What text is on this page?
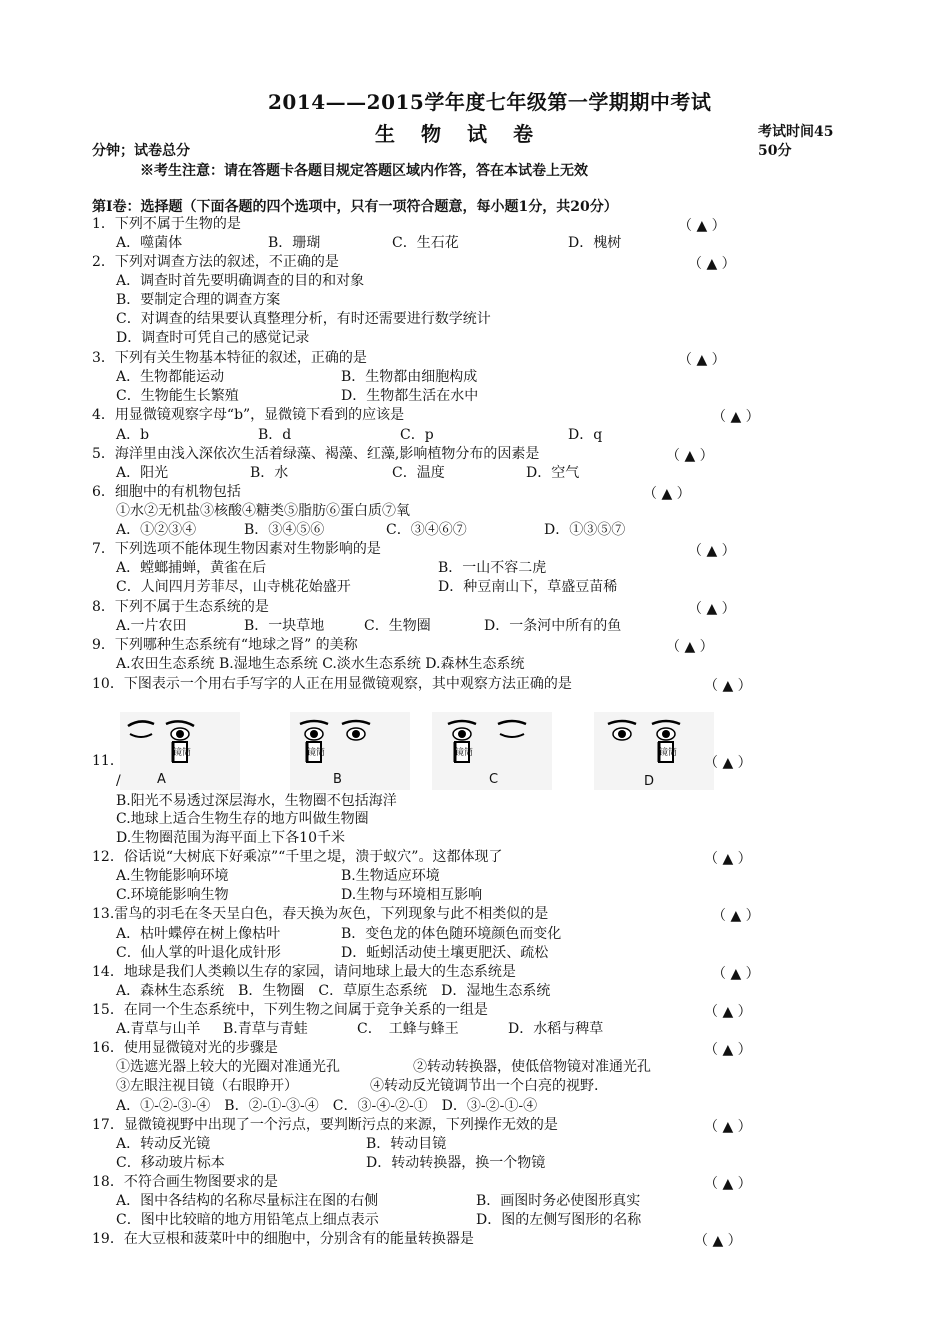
2014——2015学年度七年级第一学期期中考试
生物试卷	考试时间45
分钟；试卷总分	50分
※考生注意：请在答题卡各题目规定答题区域内作答，答在本试卷上无效
第Ⅰ卷：选择题（下面各题的四个选项中，只有一项符合题意，每小题1分，共20分）
1．下列不属于生物的是	（ ▲ ）
A．噬菌体	B．珊瑚	C．生石花	D．槐树
2．下列对调查方法的叙述，不正确的是	（ ▲ ）
A．调查时首先要明确调查的目的和对象
B．要制定合理的调查方案
C．对调查的结果要认真整理分析，有时还需要进行数学统计
D．调查时可凭自己的感觉记录
3．下列有关生物基本特征的叙述，正确的是	（ ▲ ）
A．生物都能运动	B．生物都由细胞构成
C．生物能生长繁殖	D．生物都生活在水中
4．用显微镜观察字母“b”，显微镜下看到的应该是	（ ▲ ）
A．b	B．d	C．p	D．q
5．海洋里由浅入深依次生活着绿藻、褐藻、红藻,影响植物分布的因素是	（ ▲ ）
A．阳光	B．水	C．温度	D．空气
6．细胞中的有机物包括	（ ▲ ）
①水②无机盐③核酸④糖类⑤脂肪⑥蛋白质⑦氧
A．①②③④	B．③④⑤⑥	C．③④⑥⑦	D．①③⑤⑦
7．下列选项不能体现生物因素对生物影响的是	（ ▲ ）
A．螳螂捕蝉，黄雀在后	B．一山不容二虎
C．人间四月芳菲尽，山寺桃花始盛开	D．种豆南山下，草盛豆苗稀
8．下列不属于生态系统的是	（ ▲ ）
A.一片农田	B．一块草地	C．生物圈	D．一条河中所有的鱼
9．下列哪种生态系统有“地球之肾” 的美称	（ ▲ ）
A.农田生态系统 B.湿地生态系统 C.淡水生态系统 D.森林生态系统
10．下图表示一个用右手写字的人正在用显微镜观察，其中观察方法正确的是	（ ▲ ）
镜筒	镜筒	镜筒	镜筒
A	B	C	D
11．	（ ▲ ）
/
B.阳光不易透过深层海水，生物圈不包括海洋
C.地球上适合生物生存的地方叫做生物圈
D.生物圈范围为海平面上下各10千米
12．俗话说“大树底下好乘凉”“千里之堤，溃于蚁穴”。这都体现了	（ ▲ ）
A.生物能影响环境	B.生物适应环境
C.环境能影响生物	D.生物与环境相互影响
13.雷鸟的羽毛在冬天呈白色，春天换为灰色，下列现象与此不相类似的是	（ ▲ ）
A．枯叶蝶停在树上像枯叶	B．变色龙的体色随环境颜色而变化
C．仙人掌的叶退化成针形	D．蚯蚓活动使土壤更肥沃、疏松
14．地球是我们人类赖以生存的家园，请问地球上最大的生态系统是	（ ▲ ）
A．森林生态系统　B．生物圈　C．草原生态系统　D．湿地生态系统
15．在同一个生态系统中，下列生物之间属于竞争关系的一组是	（ ▲ ）
A.青草与山羊 B.青草与青蛙	C．　工蜂与蜂王	D．水稻与稗草
16．使用显微镜对光的步骤是	（ ▲ ）
①选遮光器上较大的光圈对准通光孔	②转动转换器，使低倍物镜对准通光孔
③左眼注视目镜（右眼睁开）	④转动反光镜调节出一个白亮的视野.
A．①-②-③-④　B．②-①-③-④　C．③-④-②-①　D．③-②-①-④
17．显微镜视野中出现了一个污点，要判断污点的来源，下列操作无效的是	（ ▲ ）
A．转动反光镜	B．转动目镜
C．移动玻片标本	D．转动转换器，换一个物镜
18．不符合画生物图要求的是	（ ▲ ）
A．图中各结构的名称尽量标注在图的右侧	B．画图时务必使图形真实
C．图中比较暗的地方用铅笔点上细点表示	D．图的左侧写图形的名称
19．在大豆根和菠菜叶中的细胞中，分别含有的能量转换器是	（ ▲ ）
